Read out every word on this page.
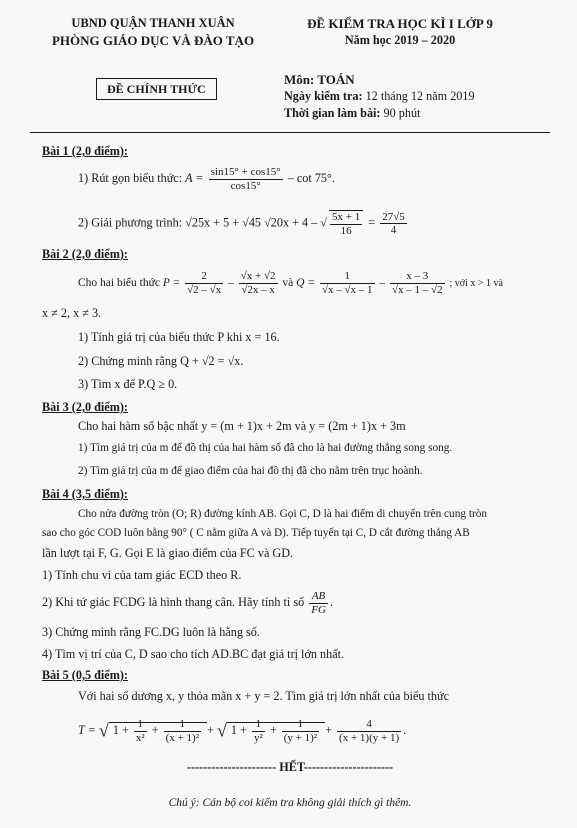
UBND QUẬN THANH XUÂN
PHÒNG GIÁO DỤC VÀ ĐÀO TẠO
ĐỀ CHÍNH THỨC
ĐỀ KIỂM TRA HỌC KÌ I LỚP 9
Năm học 2019 – 2020
Môn: TOÁN
Ngày kiểm tra: 12 tháng 12 năm 2019
Thời gian làm bài: 90 phút
Bài 1 (2,0 điểm):
1) Rút gọn biểu thức: $A = \frac{\sin 15^\circ + \cos 15^\circ}{\cos 15^\circ} - \cot 75^\circ$.
2) Giải phương trình: √25x + 5 + √45 √20x + 4 – √ $\frac{5x + 1}{16} = \frac{27√5}{4}$
Bài 2 (2,0 điểm):
Cho hai biểu thức $P = \frac{2}{√2 - √x} - \frac{√x + √2}{√2x - x}$ và $Q = \frac{1}{√x - √x - 1} - \frac{x - 3}{√x - 1 - √2}$ ; với x > 1 và
x ≠ 2, x ≠ 3.
1) Tính giá trị của biểu thức P khi x = 16.
2) Chứng minh rằng Q + √2 = √x.
3) Tìm x để P.Q ≥ 0.
Bài 3 (2,0 điểm):
Cho hai hàm số bậc nhất y = (m + 1)x + 2m và y = (2m + 1)x + 3m
1) Tìm giá trị của m để đồ thị của hai hàm số đã cho là hai đường thẳng song song.
2) Tìm giá trị của m để giao điểm của hai đồ thị đã cho nằm trên trục hoành.
Bài 4 (3,5 điểm):
Cho nửa đường tròn (O; R) đường kính AB. Gọi C, D là hai điểm di chuyển trên cung tròn
sao cho góc COD luôn bằng 90° ( C nằm giữa A và D). Tiếp tuyến tại C, D cắt đường thẳng AB
lần lượt tại F, G. Gọi E là giao điểm của FC và GD.
1) Tính chu vi của tam giác ECD theo R.
2) Khi tứ giác FCDG là hình thang cân. Hãy tính tỉ số $\frac{AB}{FG}$ .
3) Chứng minh rằng FC.DG luôn là hằng số.
4) Tìm vị trí của C, D sao cho tích AD.BC đạt giá trị lớn nhất.
Bài 5 (0,5 điểm):
Với hai số dương x, y thỏa mãn x + y = 2. Tìm giá trị lớn nhất của biểu thức
T = √ $1 + \frac{1}{\text{x²}} + \frac{1}{\text{(x + 1)²}}$ + √ $1 + \frac{1}{\text{y²}} + \frac{1}{\text{(y + 1)²}} + \frac{4}{(x + 1)(y + 1)}$ .
---------------------- HẾT----------------------
Chú ý: Cán bộ coi kiểm tra không giải thích gì thêm.
